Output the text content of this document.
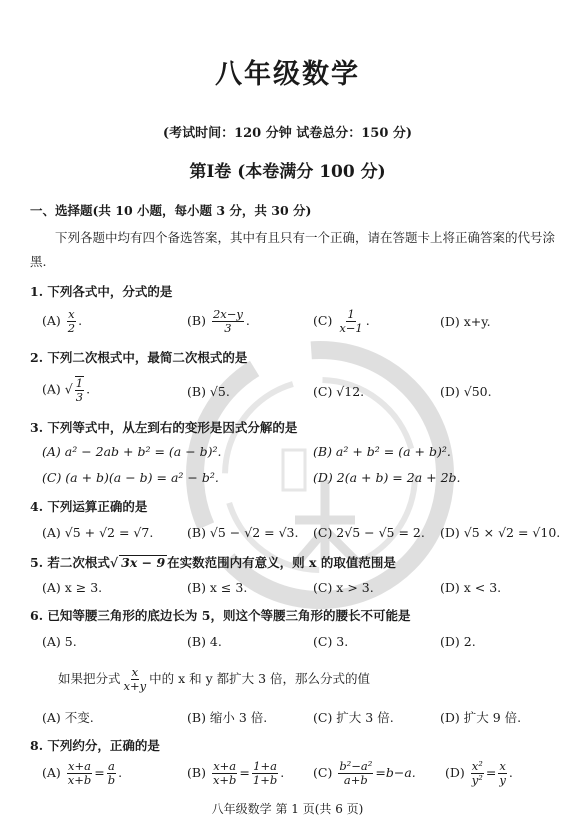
八年级数学
(考试时间：120 分钟 试卷总分：150 分)
第Ⅰ卷 (本卷满分 100 分)
一、选择题(共 10 小题，每小题 3 分，共 30 分)
下列各题中均有四个备选答案，其中有且只有一个正确，请在答题卡上将正确答案的代号涂黑.
1. 下列各式中，分式的是
$(A) \frac{x}{2}$ .	$(B) \frac{2x-y}{3}$ .	$(C) \frac{1}{x-1}$ .	(D) x+y.
2. 下列二次根式中，最简二次根式的是
(A) √ $\frac{1}{3}$ .	(B) √5.	(C) √12.	(D) √50.
3. 下列等式中，从左到右的变形是因式分解的是
(A) a² − 2ab + b² = (a − b)².	(B) a² + b² = (a + b)².
(C) (a + b)(a − b) = a² − b².	(D) 2(a + b) = 2a + 2b.
4. 下列运算正确的是
(A) √5 + √2 = √7.	(B) √5 − √2 = √3. (C) 2√5 − √5 = 2. (D) √5 × √2 = √10.
5. 若二次根式√ 3x − 9 在实数范围内有意义，则 x 的取值范围是
(A) x ≥ 3.	(B) x ≤ 3.	(C) x > 3.	(D) x < 3.
6. 已知等腰三角形的底边长为 5，则这个等腰三角形的腰长不可能是
(A) 5.	(B) 4.	(C) 3.	(D) 2.
如果把分式 $\frac{x}{x+y}$ 中的 x 和 y 都扩大 3 倍，那么分式的值
(A) 不变.	(B) 缩小 3 倍.	(C) 扩大 3 倍.	(D) 扩大 9 倍.
8. 下列约分，正确的是
$(A) \frac{x+a}{x+b} = \frac{a}{b}$ .	$(B) \frac{x+a}{x+b} = \frac{1+a}{1+b}$ . $(C) \frac{\text{b²−a²}}{a+b} =b-a$. $(D) \frac{\text{x²}}{\text{y²}} = \frac{x}{y}$ .
八年级数学 第 1 页(共 6 页)
